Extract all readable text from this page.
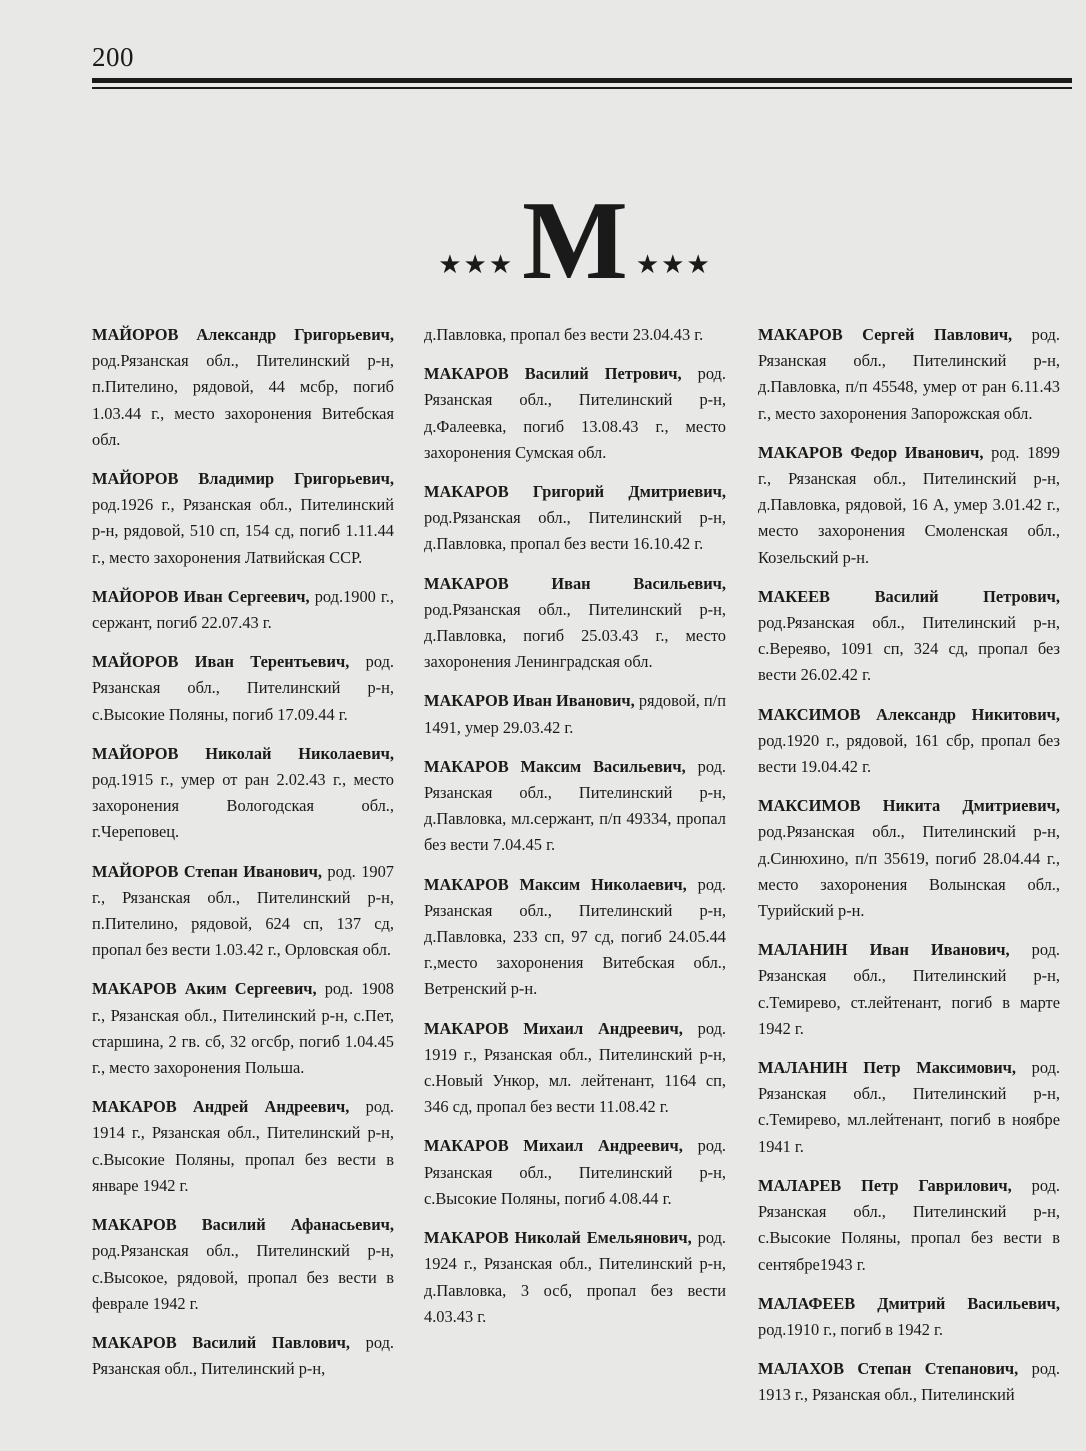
200
★★★ М ★★★

МАЙОРОВ Александр Григорьевич, род.Рязанская обл., Пителинский р-н, п.Пителино, рядовой, 44 мсбр, погиб 1.03.44 г., место захоронения Витебская обл.

МАЙОРОВ Владимир Григорьевич, род.1926 г., Рязанская обл., Пителинский р-н, рядовой, 510 сп, 154 сд, погиб 1.11.44 г., место захоронения Латвийская ССР.

МАЙОРОВ Иван Сергеевич, род.1900 г., сержант, погиб 22.07.43 г.

МАЙОРОВ Иван Терентьевич, род. Рязанская обл., Пителинский р-н, с.Высокие Поляны, погиб 17.09.44 г.

МАЙОРОВ Николай Николаевич, род.1915 г., умер от ран 2.02.43 г., место захоронения Вологодская обл., г.Череповец.

МАЙОРОВ Степан Иванович, род. 1907 г., Рязанская обл., Пителинский р-н, п.Пителино, рядовой, 624 сп, 137 сд, пропал без вести 1.03.42 г., Орловская обл.

МАКАРОВ Аким Сергеевич, род. 1908 г., Рязанская обл., Пителинский р-н, с.Пет, старшина, 2 гв. сб, 32 огсбр, погиб 1.04.45 г., место захоронения Польша.

МАКАРОВ Андрей Андреевич, род. 1914 г., Рязанская обл., Пителинский р-н, с.Высокие Поляны, пропал без вести в январе 1942 г.

МАКАРОВ Василий Афанасьевич, род.Рязанская обл., Пителинский р-н, с.Высокое, рядовой, пропал без вести в феврале 1942 г.

МАКАРОВ Василий Павлович, род. Рязанская обл., Пителинский р-н,

д.Павловка, пропал без вести 23.04.43 г.

МАКАРОВ Василий Петрович, род. Рязанская обл., Пителинский р-н, д.Фалеевка, погиб 13.08.43 г., место захоронения Сумская обл.

МАКАРОВ Григорий Дмитриевич, род.Рязанская обл., Пителинский р-н, д.Павловка, пропал без вести 16.10.42 г.

МАКАРОВ Иван Васильевич, род.Рязанская обл., Пителинский р-н, д.Павловка, погиб 25.03.43 г., место захоронения Ленинградская обл.

МАКАРОВ Иван Иванович, рядовой, п/п 1491, умер 29.03.42 г.

МАКАРОВ Максим Васильевич, род. Рязанская обл., Пителинский р-н, д.Павловка, мл.сержант, п/п 49334, пропал без вести 7.04.45 г.

МАКАРОВ Максим Николаевич, род. Рязанская обл., Пителинский р-н, д.Павловка, 233 сп, 97 сд, погиб 24.05.44 г.,место захоронения Витебская обл., Ветренский р-н.

МАКАРОВ Михаил Андреевич, род. 1919 г., Рязанская обл., Пителинский р-н, с.Новый Ункор, мл. лейтенант, 1164 сп, 346 сд, пропал без вести 11.08.42 г.

МАКАРОВ Михаил Андреевич, род. Рязанская обл., Пителинский р-н, с.Высокие Поляны, погиб 4.08.44 г.

МАКАРОВ Николай Емельянович, род. 1924 г., Рязанская обл., Пителинский р-н, д.Павловка, 3 осб, пропал без вести 4.03.43 г.

МАКАРОВ Сергей Павлович, род. Рязанская обл., Пителинский р-н, д.Павловка, п/п 45548, умер от ран 6.11.43 г., место захоронения Запорожская обл.

МАКАРОВ Федор Иванович, род. 1899 г., Рязанская обл., Пителинский р-н, д.Павловка, рядовой, 16 А, умер 3.01.42 г., место захоронения Смоленская обл., Козельский р-н.

МАКЕЕВ Василий Петрович, род.Рязанская обл., Пителинский р-н, с.Вереяво, 1091 сп, 324 сд, пропал без вести 26.02.42 г.

МАКСИМОВ Александр Никитович, род.1920 г., рядовой, 161 сбр, пропал без вести 19.04.42 г.

МАКСИМОВ Никита Дмитриевич, род.Рязанская обл., Пителинский р-н, д.Синюхино, п/п 35619, погиб 28.04.44 г., место захоронения Волынская обл., Турийский р-н.

МАЛАНИН Иван Иванович, род. Рязанская обл., Пителинский р-н, с.Темирево, ст.лейтенант, погиб в марте 1942 г.

МАЛАНИН Петр Максимович, род. Рязанская обл., Пителинский р-н, с.Темирево, мл.лейтенант, погиб в ноябре 1941 г.

МАЛАРЕВ Петр Гаврилович, род. Рязанская обл., Пителинский р-н, с.Высокие Поляны, пропал без вести в сентябре1943 г.

МАЛАФЕЕВ Дмитрий Васильевич, род.1910 г., погиб в 1942 г.

МАЛАХОВ Степан Степанович, род. 1913 г., Рязанская обл., Пителинский
